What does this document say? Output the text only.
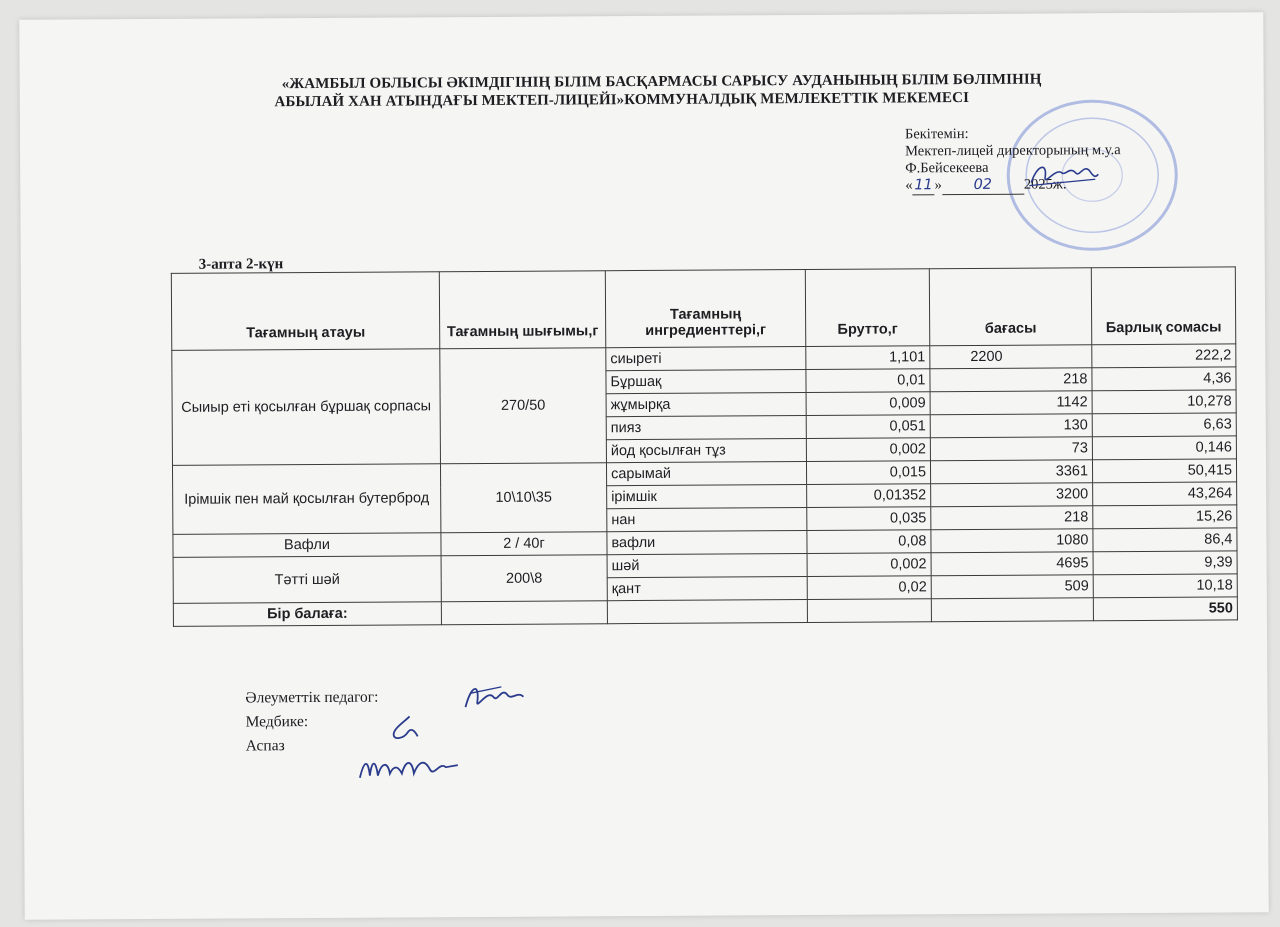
«ЖАМБЫЛ ОБЛЫСЫ ӘКІМДІГІНІҢ БІЛІМ БАСҚАРМАСЫ САРЫСУ АУДАНЫНЫҢ БІЛІМ БӨЛІМІНІҢ
АБЫЛАЙ ХАН АТЫНДАҒЫ МЕКТЕП-ЛИЦЕЙІ»КОММУНАЛДЫҚ МЕМЛЕКЕТТІК МЕКЕМЕСІ
Бекітемін:
Мектеп-лицей директорының м.у.а
Ф.Бейсекеева
« 11 » 02 2025ж.
3-апта 2-күн
Тағамның атауы	Тағамның шығымы,г	Тағамның ингредиенттері,г	Брутто,г	бағасы	Барлық сомасы
Сыиыр еті қосылған бұршақ сорпасы	270/50	сиыреті	1,101	2200	222,2
		Бұршақ	0,01	218	4,36
		жұмырқа	0,009	1142	10,278
		пияз	0,051	130	6,63
		йод қосылған тұз	0,002	73	0,146
Ірімшік пен май қосылған бутерброд	10\10\35	сарымай	0,015	3361	50,415
		ірімшік	0,01352	3200	43,264
		нан	0,035	218	15,26
Вафли	2 / 40г	вафли	0,08	1080	86,4
Тәтті шәй	200\8	шәй	0,002	4695	9,39
		қант	0,02	509	10,18
Бір балаға:					550
Әлеуметтік педагог:
Медбике:
Аспаз
